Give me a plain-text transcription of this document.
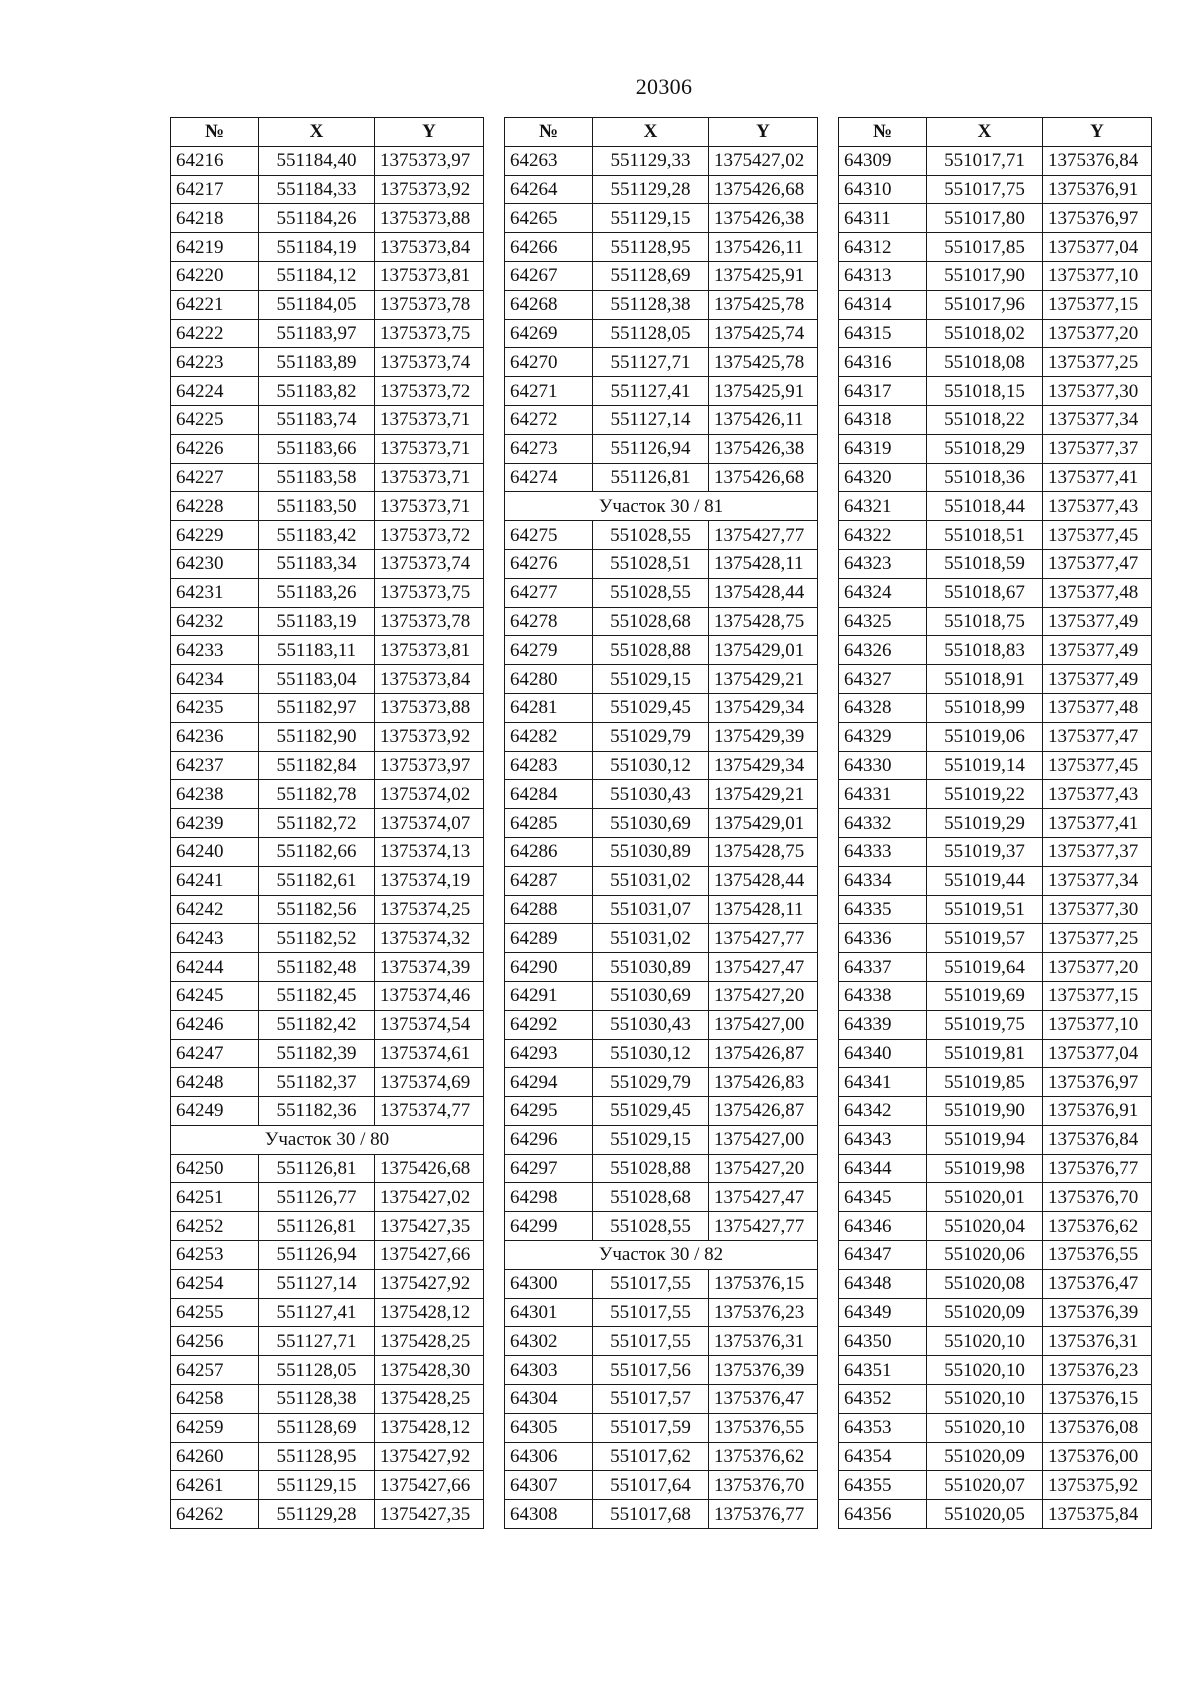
20306
№	X	Y
64216	551184,40	1375373,97
64217	551184,33	1375373,92
64218	551184,26	1375373,88
64219	551184,19	1375373,84
64220	551184,12	1375373,81
64221	551184,05	1375373,78
64222	551183,97	1375373,75
64223	551183,89	1375373,74
64224	551183,82	1375373,72
64225	551183,74	1375373,71
64226	551183,66	1375373,71
64227	551183,58	1375373,71
64228	551183,50	1375373,71
64229	551183,42	1375373,72
64230	551183,34	1375373,74
64231	551183,26	1375373,75
64232	551183,19	1375373,78
64233	551183,11	1375373,81
64234	551183,04	1375373,84
64235	551182,97	1375373,88
64236	551182,90	1375373,92
64237	551182,84	1375373,97
64238	551182,78	1375374,02
64239	551182,72	1375374,07
64240	551182,66	1375374,13
64241	551182,61	1375374,19
64242	551182,56	1375374,25
64243	551182,52	1375374,32
64244	551182,48	1375374,39
64245	551182,45	1375374,46
64246	551182,42	1375374,54
64247	551182,39	1375374,61
64248	551182,37	1375374,69
64249	551182,36	1375374,77
Участок 30 / 80		
64250	551126,81	1375426,68
64251	551126,77	1375427,02
64252	551126,81	1375427,35
64253	551126,94	1375427,66
64254	551127,14	1375427,92
64255	551127,41	1375428,12
64256	551127,71	1375428,25
64257	551128,05	1375428,30
64258	551128,38	1375428,25
64259	551128,69	1375428,12
64260	551128,95	1375427,92
64261	551129,15	1375427,66
64262	551129,28	1375427,35
№	X	Y
64263	551129,33	1375427,02
64264	551129,28	1375426,68
64265	551129,15	1375426,38
64266	551128,95	1375426,11
64267	551128,69	1375425,91
64268	551128,38	1375425,78
64269	551128,05	1375425,74
64270	551127,71	1375425,78
64271	551127,41	1375425,91
64272	551127,14	1375426,11
64273	551126,94	1375426,38
64274	551126,81	1375426,68
Участок 30 / 81		
64275	551028,55	1375427,77
64276	551028,51	1375428,11
64277	551028,55	1375428,44
64278	551028,68	1375428,75
64279	551028,88	1375429,01
64280	551029,15	1375429,21
64281	551029,45	1375429,34
64282	551029,79	1375429,39
64283	551030,12	1375429,34
64284	551030,43	1375429,21
64285	551030,69	1375429,01
64286	551030,89	1375428,75
64287	551031,02	1375428,44
64288	551031,07	1375428,11
64289	551031,02	1375427,77
64290	551030,89	1375427,47
64291	551030,69	1375427,20
64292	551030,43	1375427,00
64293	551030,12	1375426,87
64294	551029,79	1375426,83
64295	551029,45	1375426,87
64296	551029,15	1375427,00
64297	551028,88	1375427,20
64298	551028,68	1375427,47
64299	551028,55	1375427,77
Участок 30 / 82		
64300	551017,55	1375376,15
64301	551017,55	1375376,23
64302	551017,55	1375376,31
64303	551017,56	1375376,39
64304	551017,57	1375376,47
64305	551017,59	1375376,55
64306	551017,62	1375376,62
64307	551017,64	1375376,70
64308	551017,68	1375376,77
№	X	Y
64309	551017,71	1375376,84
64310	551017,75	1375376,91
64311	551017,80	1375376,97
64312	551017,85	1375377,04
64313	551017,90	1375377,10
64314	551017,96	1375377,15
64315	551018,02	1375377,20
64316	551018,08	1375377,25
64317	551018,15	1375377,30
64318	551018,22	1375377,34
64319	551018,29	1375377,37
64320	551018,36	1375377,41
64321	551018,44	1375377,43
64322	551018,51	1375377,45
64323	551018,59	1375377,47
64324	551018,67	1375377,48
64325	551018,75	1375377,49
64326	551018,83	1375377,49
64327	551018,91	1375377,49
64328	551018,99	1375377,48
64329	551019,06	1375377,47
64330	551019,14	1375377,45
64331	551019,22	1375377,43
64332	551019,29	1375377,41
64333	551019,37	1375377,37
64334	551019,44	1375377,34
64335	551019,51	1375377,30
64336	551019,57	1375377,25
64337	551019,64	1375377,20
64338	551019,69	1375377,15
64339	551019,75	1375377,10
64340	551019,81	1375377,04
64341	551019,85	1375376,97
64342	551019,90	1375376,91
64343	551019,94	1375376,84
64344	551019,98	1375376,77
64345	551020,01	1375376,70
64346	551020,04	1375376,62
64347	551020,06	1375376,55
64348	551020,08	1375376,47
64349	551020,09	1375376,39
64350	551020,10	1375376,31
64351	551020,10	1375376,23
64352	551020,10	1375376,15
64353	551020,10	1375376,08
64354	551020,09	1375376,00
64355	551020,07	1375375,92
64356	551020,05	1375375,84
